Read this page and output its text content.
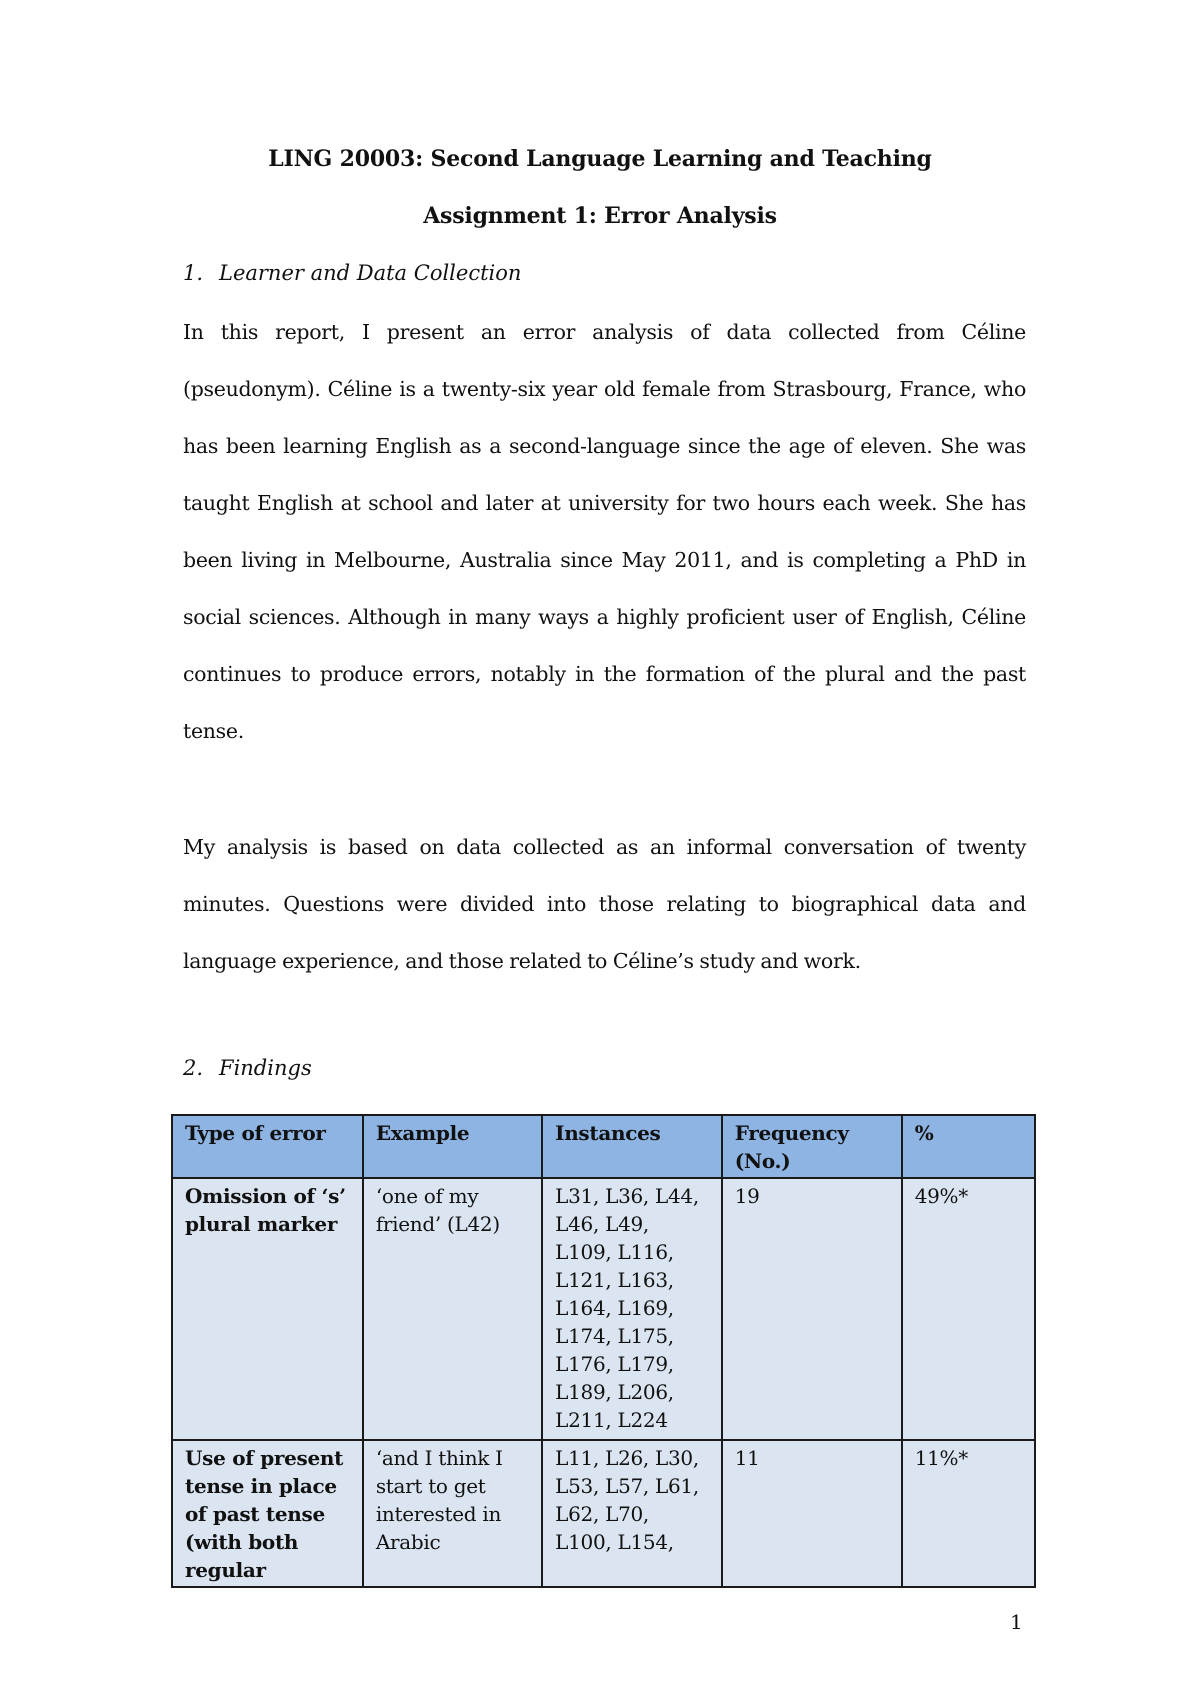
LING 20003: Second Language Learning and Teaching
Assignment 1: Error Analysis
1. Learner and Data Collection
In this report, I present an error analysis of data collected from Céline (pseudonym). Céline is a twenty-six year old female from Strasbourg, France, who has been learning English as a second-language since the age of eleven. She was taught English at school and later at university for two hours each week. She has been living in Melbourne, Australia since May 2011, and is completing a PhD in social sciences. Although in many ways a highly proficient user of English, Céline continues to produce errors, notably in the formation of the plural and the past tense.
My analysis is based on data collected as an informal conversation of twenty minutes. Questions were divided into those relating to biographical data and language experience, and those related to Céline’s study and work.
2. Findings
Type of error	Example	Instances	Frequency (No.)	%
Omission of ‘s’ plural marker	‘one of my friend’ (L42)	L31, L36, L44, L46, L49, L109, L116, L121, L163, L164, L169, L174, L175, L176, L179, L189, L206, L211, L224	19	49%*
Use of present tense in place of past tense (with both regular	‘and I think I start to get interested in Arabic	L11, L26, L30, L53, L57, L61, L62, L70, L100, L154,	11	11%*
1
